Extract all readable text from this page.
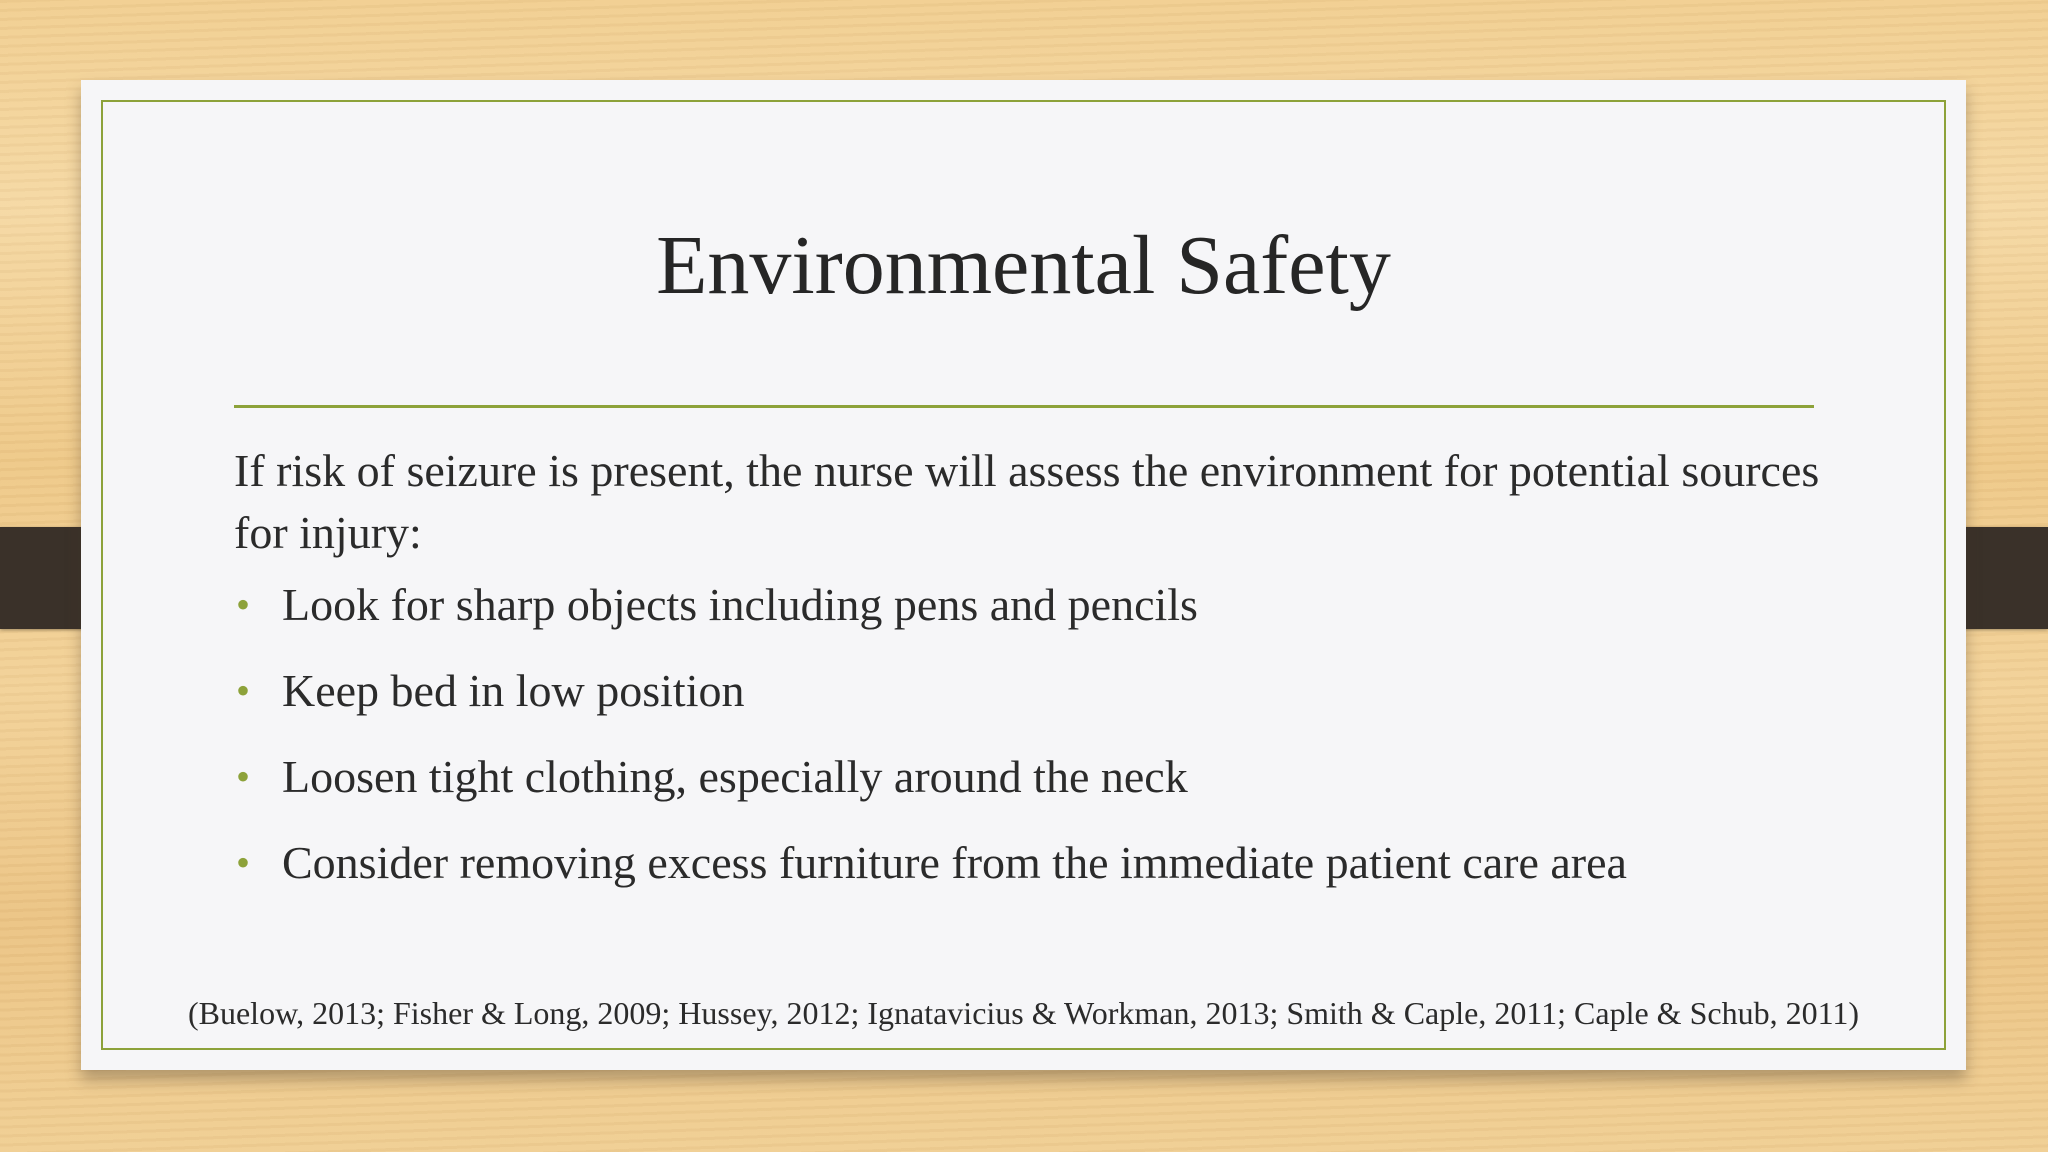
Environmental Safety

If risk of seizure is present, the nurse will assess the environment for potential sources for injury:

• Look for sharp objects including pens and pencils
• Keep bed in low position
• Loosen tight clothing, especially around the neck
• Consider removing excess furniture from the immediate patient care area
(Buelow, 2013; Fisher & Long, 2009; Hussey, 2012; Ignatavicius & Workman, 2013; Smith & Caple, 2011; Caple & Schub, 2011)
